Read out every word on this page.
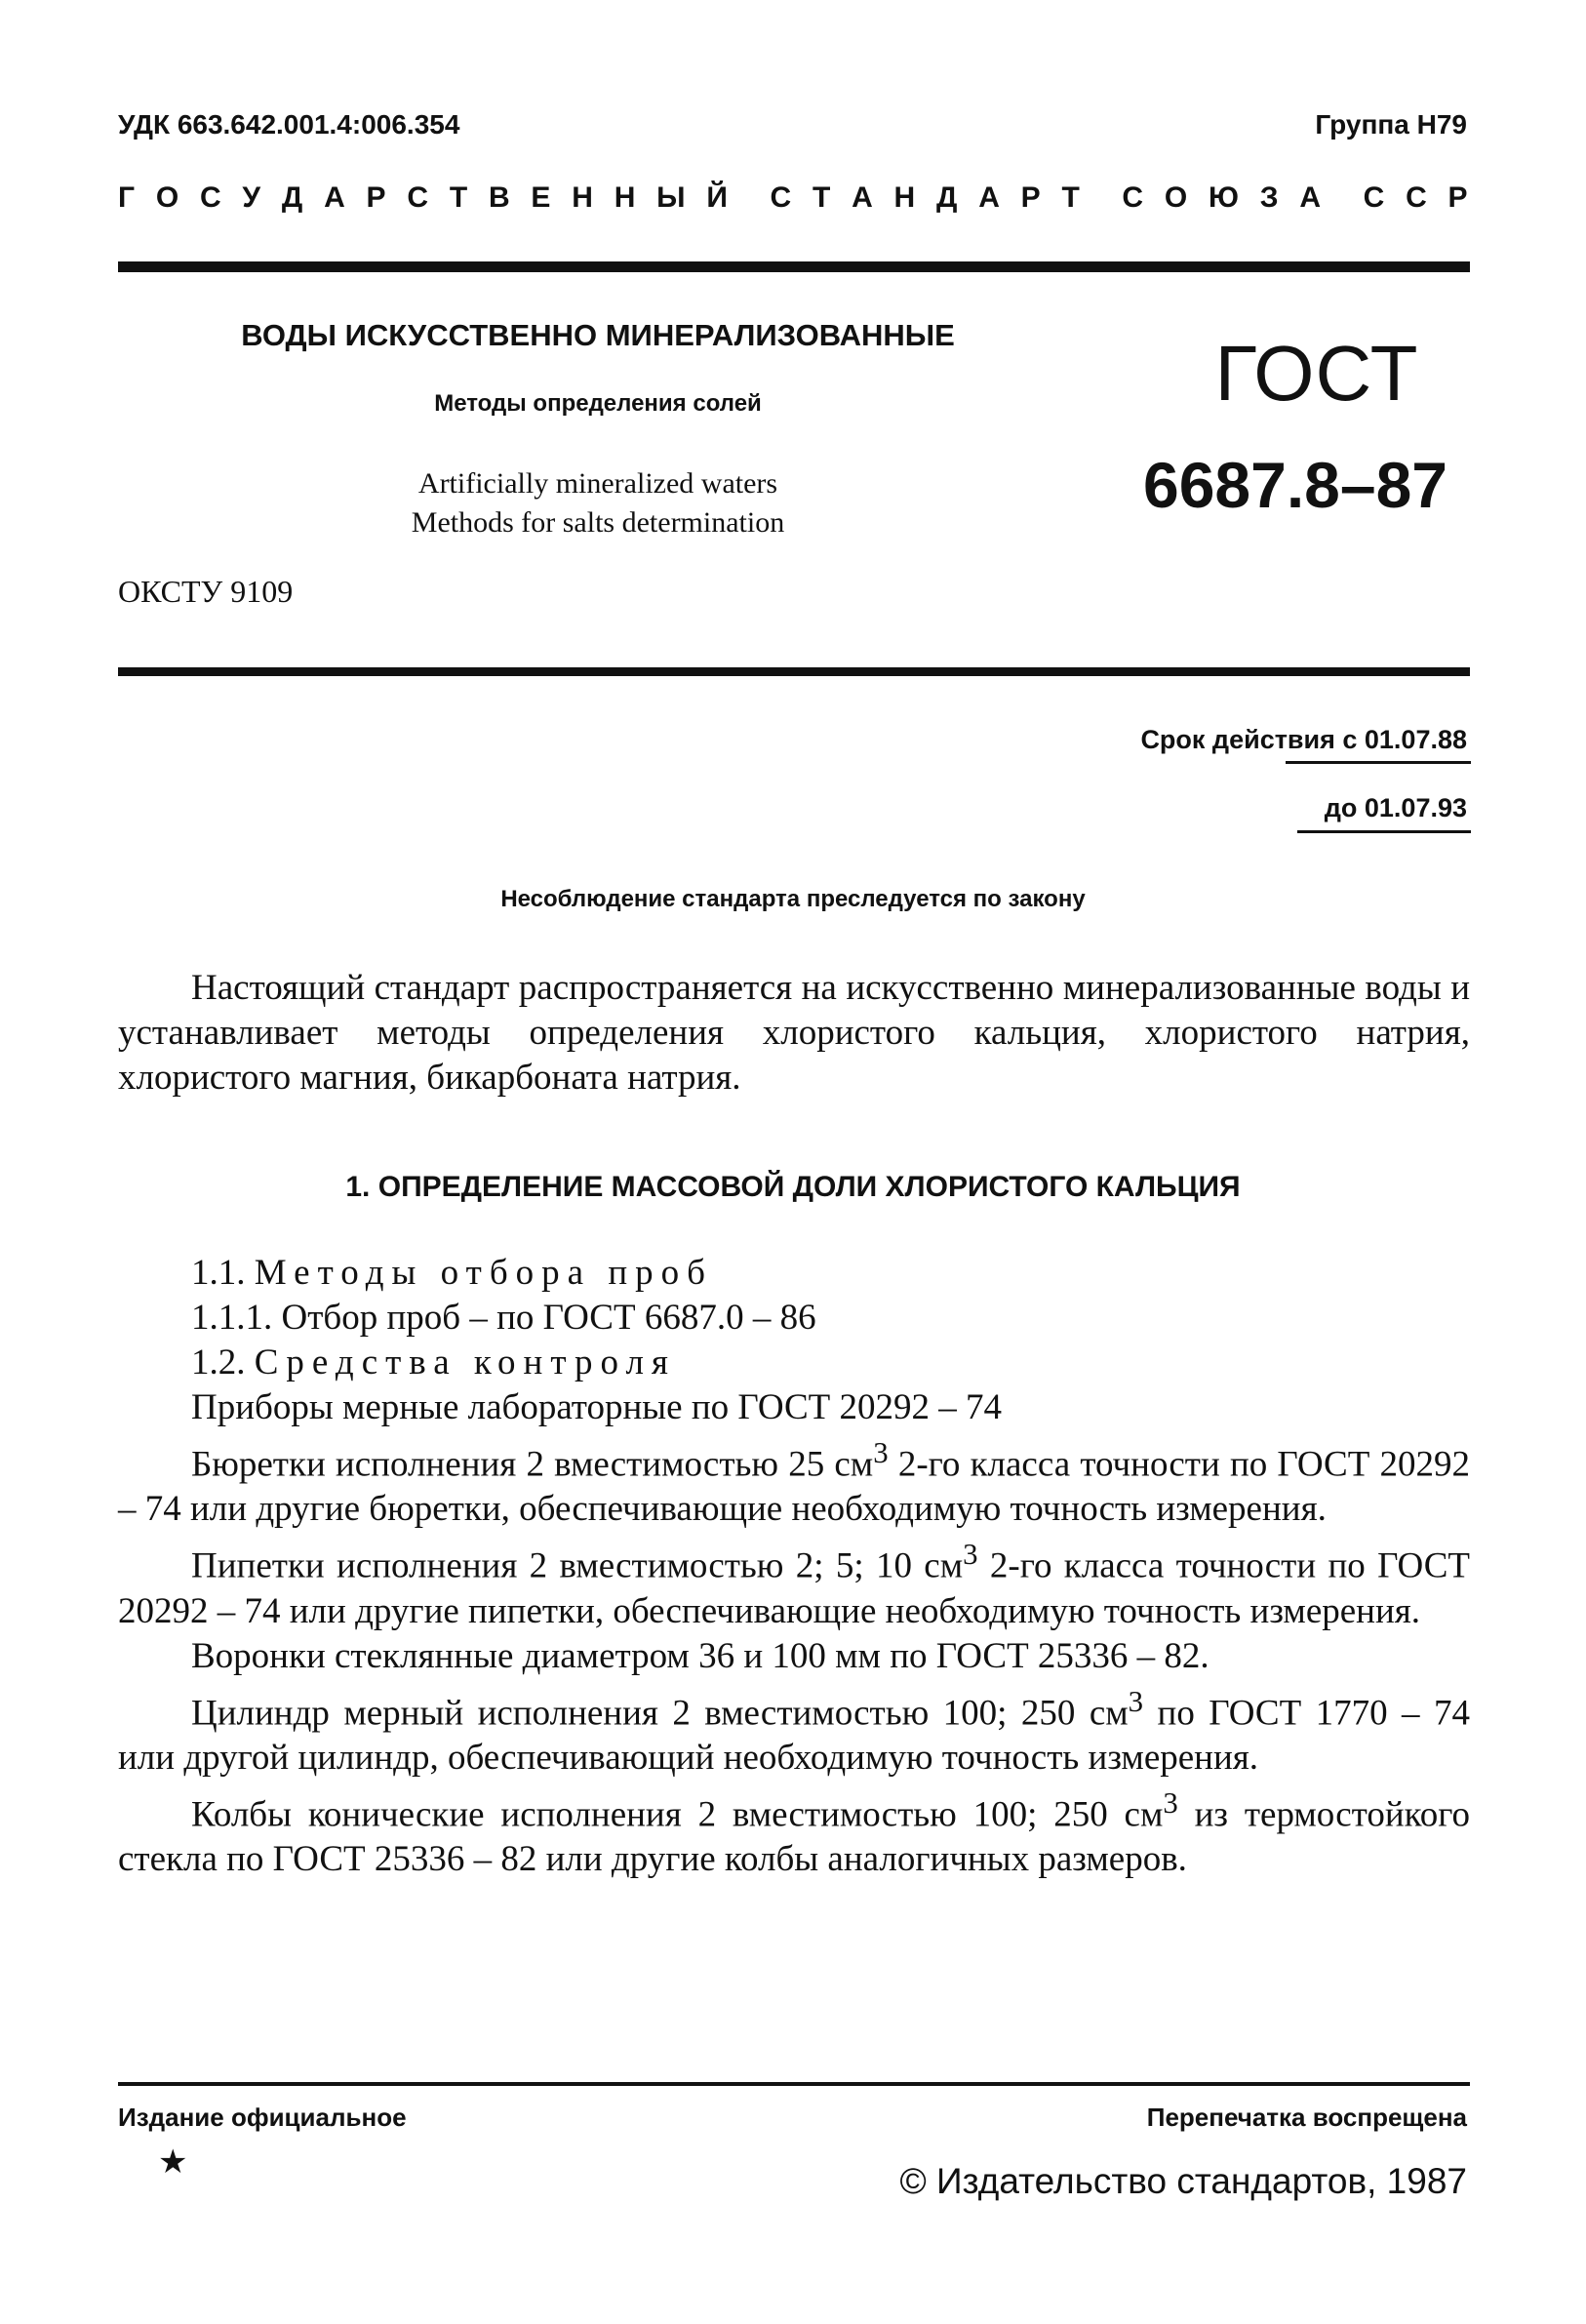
УДК 663.642.001.4:006.354	Группа Н79
Г О С У Д А Р С Т В Е Н Н Ы Й С Т А Н Д А Р Т С О Ю З А С С Р
ВОДЫ ИСКУССТВЕННО МИНЕРАЛИЗОВАННЫЕ
Методы определения солей
Artificially mineralized waters
Methods for salts determination
ГОСТ
6687.8–87
ОКСТУ 9109
Срок действия с 01.07.88
до 01.07.93
Несоблюдение стандарта преследуется по закону

Настоящий стандарт распространяется на искусственно минерализованные воды и устанавливает методы определения хлористого кальция, хлористого натрия, хлористого магния, бикарбоната натрия.

1. ОПРЕДЕЛЕНИЕ МАССОВОЙ ДОЛИ ХЛОРИСТОГО КАЛЬЦИЯ

1.1. Методы отбора проб

1.1.1. Отбор проб – по ГОСТ 6687.0 – 86

1.2. Средства контроля

Приборы мерные лабораторные по ГОСТ 20292 – 74

Бюретки исполнения 2 вместимостью 25 $см^3$ 2-го класса точности по ГОСТ 20292 – 74 или другие бюретки, обеспечивающие необходимую точность измерения.

Пипетки исполнения 2 вместимостью 2; 5; 10 $см^3$ 2-го класса точности по ГОСТ 20292 – 74 или другие пипетки, обеспечивающие необходимую точность измерения.

Воронки стеклянные диаметром 36 и 100 мм по ГОСТ 25336 – 82.

Цилиндр мерный исполнения 2 вместимостью 100; 250 $см^3$ по ГОСТ 1770 – 74 или другой цилиндр, обеспечивающий необходимую точность измерения.

Колбы конические исполнения 2 вместимостью 100; 250 $см^3$ из термостойкого стекла по ГОСТ 25336 – 82 или другие колбы аналогичных размеров.

Издание официальное	Перепечатка воспрещена
★	© Издательство стандартов, 1987
